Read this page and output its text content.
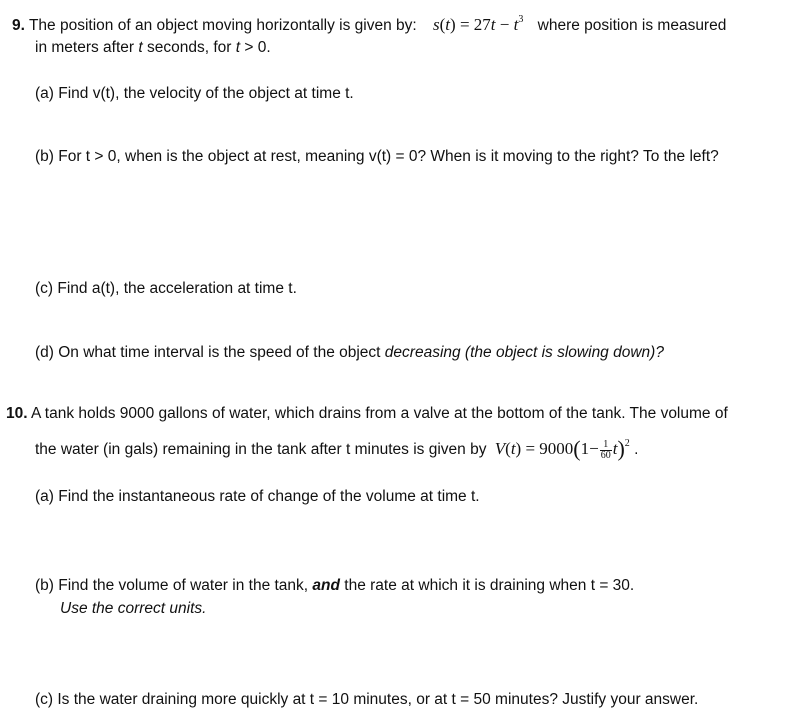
9. The position of an object moving horizontally is given by: $s(t) = 27t - t^3$ where position is measured
in meters after t seconds, for t > 0.
(a) Find v(t), the velocity of the object at time t.
(b) For t > 0, when is the object at rest, meaning v(t) = 0? When is it moving to the right? To the left?
(c) Find a(t), the acceleration at time t.
(d) On what time interval is the speed of the object decreasing (the object is slowing down)?
10. A tank holds 9000 gallons of water, which drains from a valve at the bottom of the tank. The volume of
the water (in gals) remaining in the tank after t minutes is given by $V(t) = 9000(1- \frac{1}{60} t)^2$ .
(a) Find the instantaneous rate of change of the volume at time t.
(b) Find the volume of water in the tank, and the rate at which it is draining when t = 30.
Use the correct units.
(c) Is the water draining more quickly at t = 10 minutes, or at t = 50 minutes? Justify your answer.
